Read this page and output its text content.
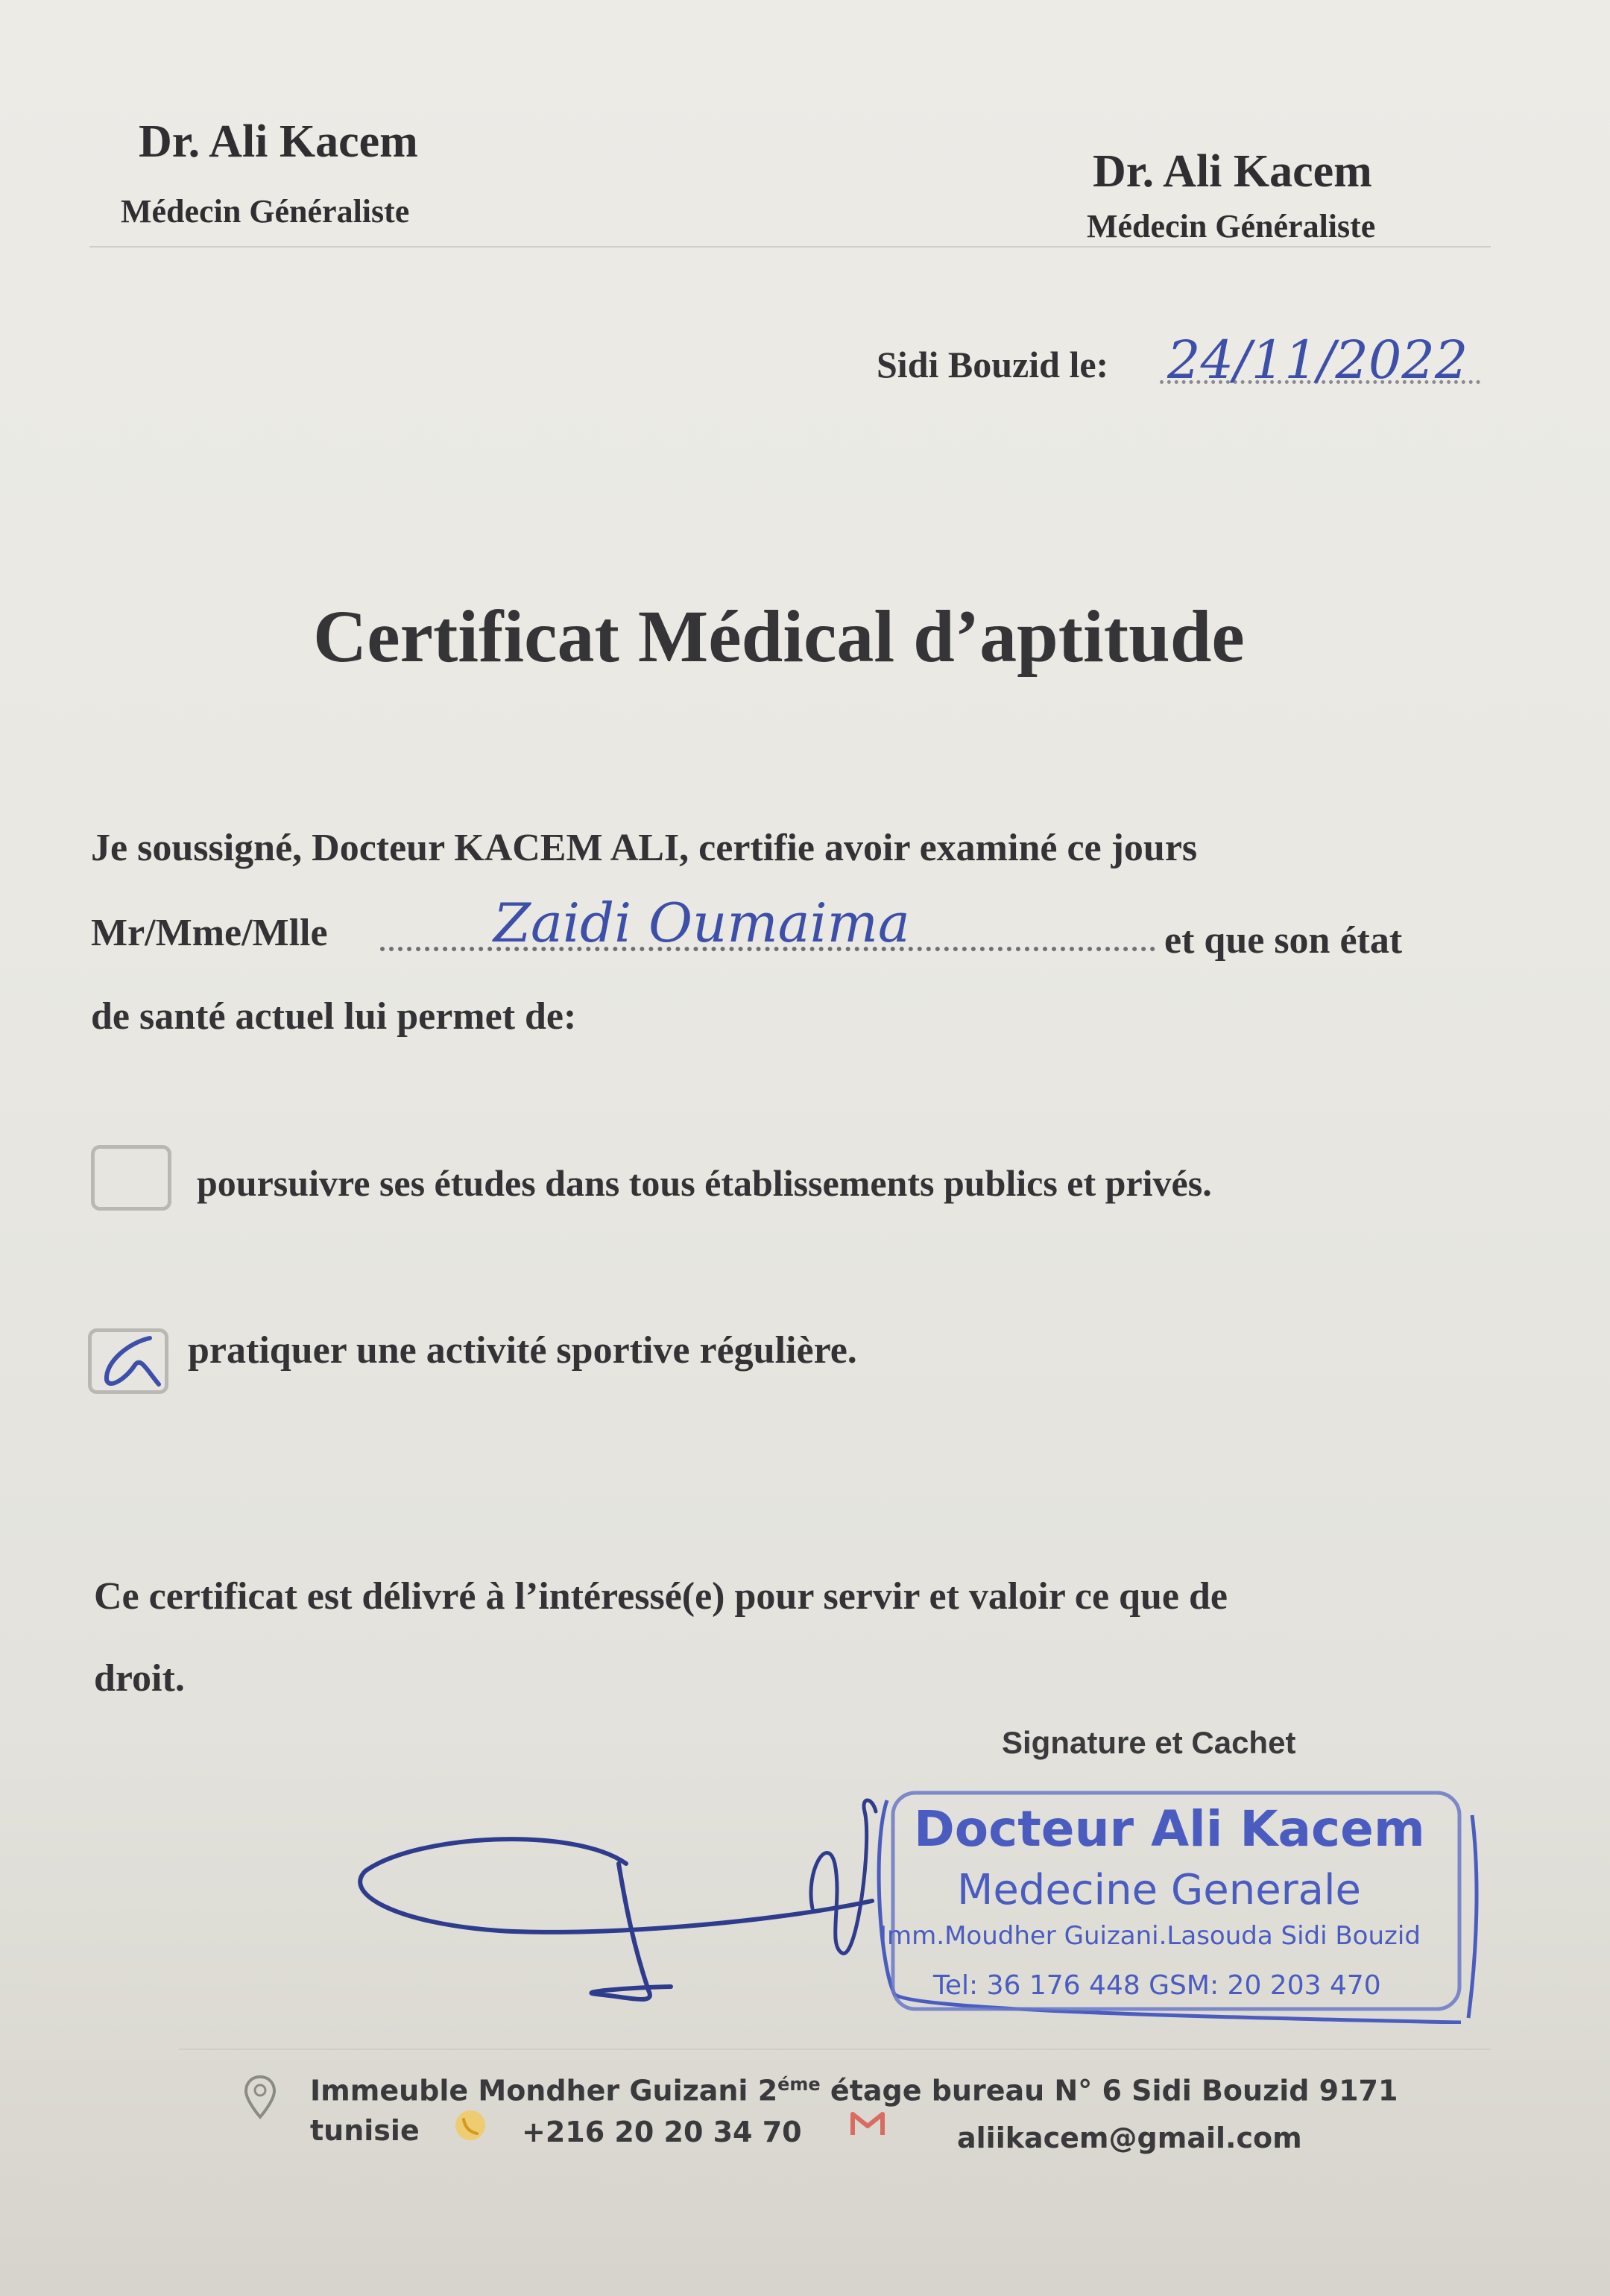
Dr. Ali Kacem
Médecin Généraliste
Dr. Ali Kacem
Médecin Généraliste
Sidi Bouzid le: 24/11/2022
Certificat Médical d’aptitude
Je soussigné, Docteur KACEM ALI, certifie avoir examiné ce jours
Mr/Mme/Mlle	Zaidi Oumaima	et que son état
de santé actuel lui permet de:
poursuivre ses études dans tous établissements publics et privés.
pratiquer une activité sportive régulière.
Ce certificat est délivré à l’intéressé(e) pour servir et valoir ce que de
droit.
Signature et Cachet
Docteur Ali Kacem
Medecine Generale
Imm.Moudher Guizani.Lasouda Sidi Bouzid
Tel: 36 176 448 GSM: 20 203 470
Immeuble Mondher Guizani $2^{éme}$ étage bureau N° 6 Sidi Bouzid 9171
tunisie	+216 20 20 34 70	aliikacem@gmail.com
